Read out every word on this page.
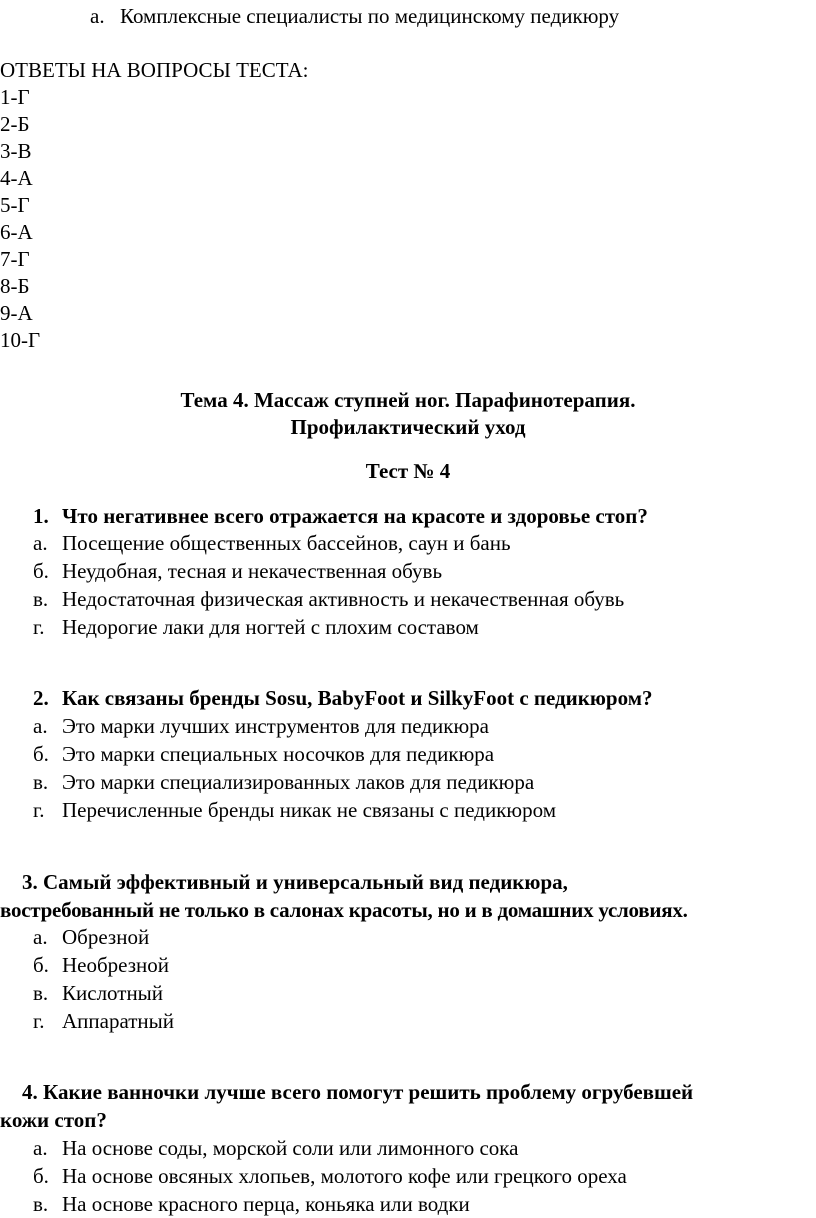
а. Комплексные специалисты по медицинскому педикюру
ОТВЕТЫ НА ВОПРОСЫ ТЕСТА:
1-Г
2-Б
3-В
4-А
5-Г
6-А
7-Г
8-Б
9-А
10-Г
Тема 4. Массаж ступней ног. Парафинотерапия.
Профилактический уход
Тест № 4
1. Что негативнее всего отражается на красоте и здоровье стоп?
а. Посещение общественных бассейнов, саун и бань
б. Неудобная, тесная и некачественная обувь
в. Недостаточная физическая активность и некачественная обувь
г. Недорогие лаки для ногтей с плохим составом
2. Как связаны бренды Sosu, BabyFoot и SilkyFoot с педикюром?
а. Это марки лучших инструментов для педикюра
б. Это марки специальных носочков для педикюра
в. Это марки специализированных лаков для педикюра
г. Перечисленные бренды никак не связаны с педикюром
3. Самый эффективный и универсальный вид педикюра,
востребованный не только в салонах красоты, но и в домашних условиях.
а. Обрезной
б. Необрезной
в. Кислотный
г. Аппаратный
4. Какие ванночки лучше всего помогут решить проблему огрубевшей
кожи стоп?
а. На основе соды, морской соли или лимонного сока
б. На основе овсяных хлопьев, молотого кофе или грецкого ореха
в. На основе красного перца, коньяка или водки
